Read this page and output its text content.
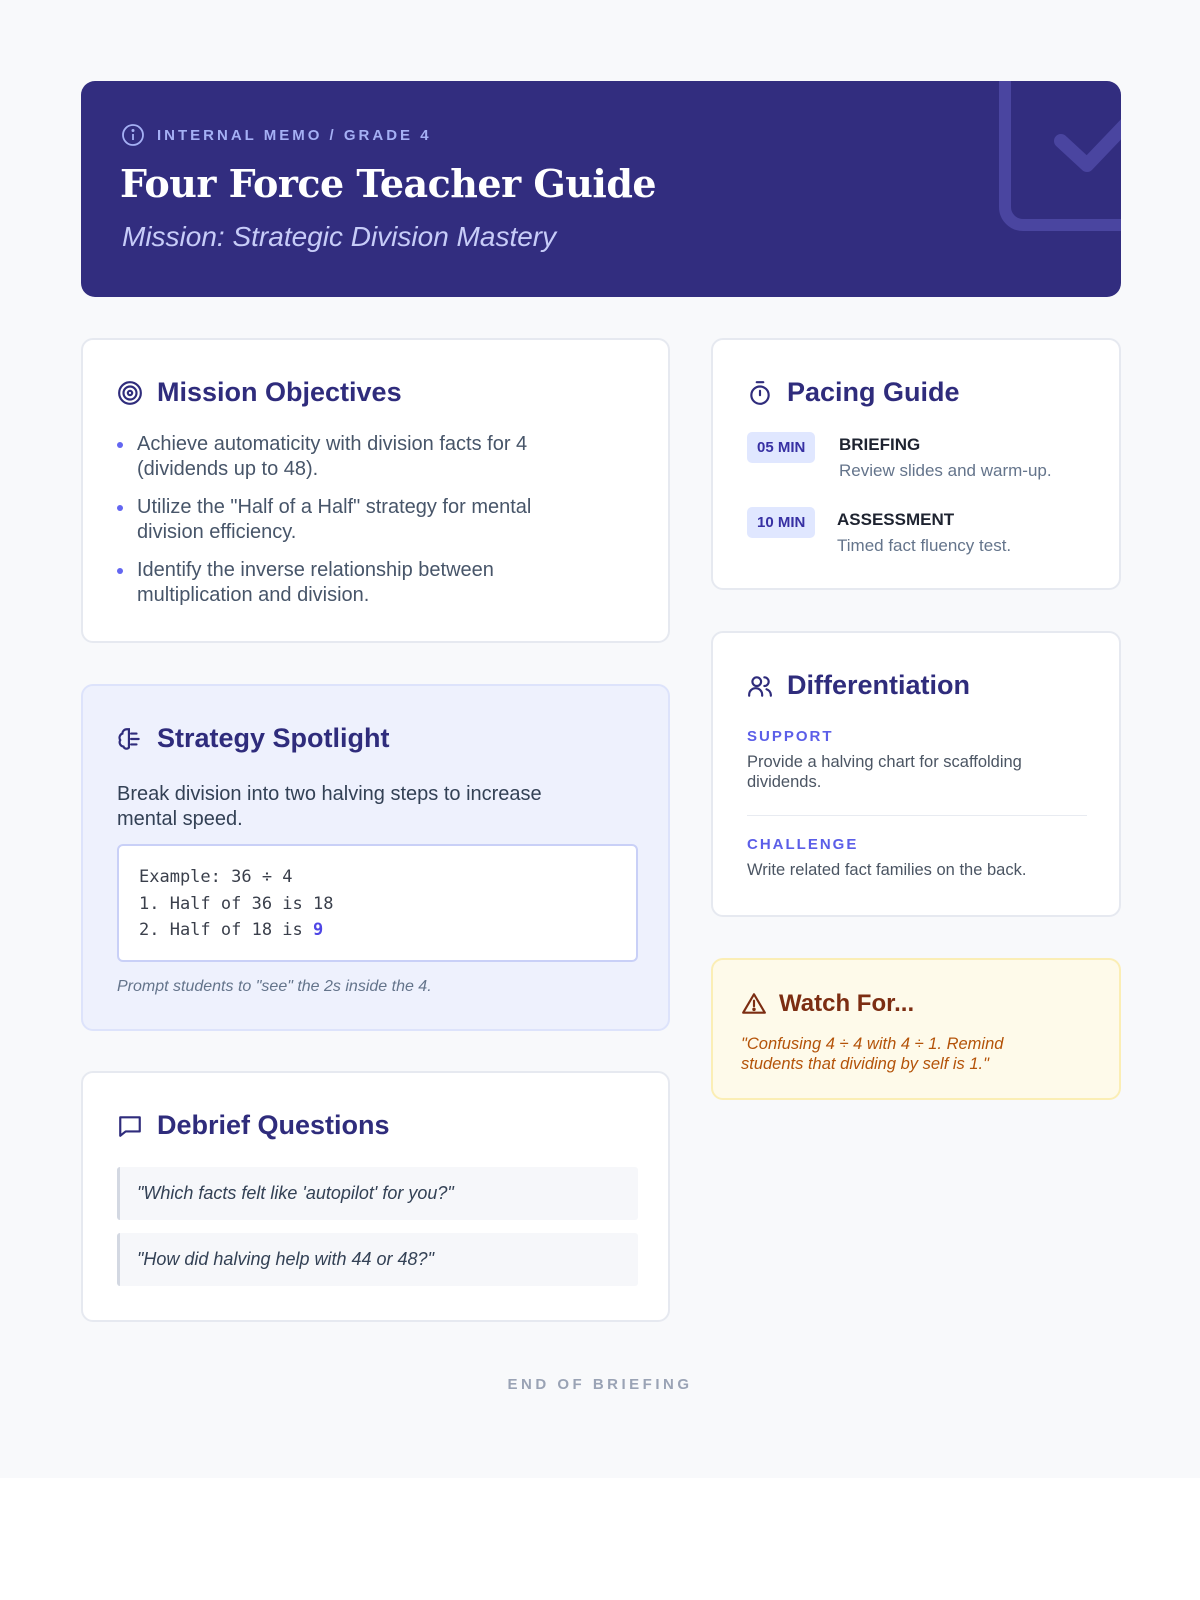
INTERNAL MEMO / GRADE 4
Four Force Teacher Guide
Mission: Strategic Division Mastery
Mission Objectives
Achieve automaticity with division facts for 4 (dividends up to 48).
Utilize the "Half of a Half" strategy for mental division efficiency.
Identify the inverse relationship between multiplication and division.
Strategy Spotlight
Break division into two halving steps to increase mental speed.
Example: 36 ÷ 4
1. Half of 36 is 18
2. Half of 18 is 9
Prompt students to "see" the 2s inside the 4.
Debrief Questions
"Which facts felt like 'autopilot' for you?"
"How did halving help with 44 or 48?"
Pacing Guide
05 MIN	BRIEFING
Review slides and warm-up.
10 MIN	ASSESSMENT
Timed fact fluency test.
Differentiation
SUPPORT
Provide a halving chart for scaffolding dividends.
CHALLENGE
Write related fact families on the back.
Watch For...
"Confusing 4 ÷ 4 with 4 ÷ 1. Remind students that dividing by self is 1."
END OF BRIEFING
